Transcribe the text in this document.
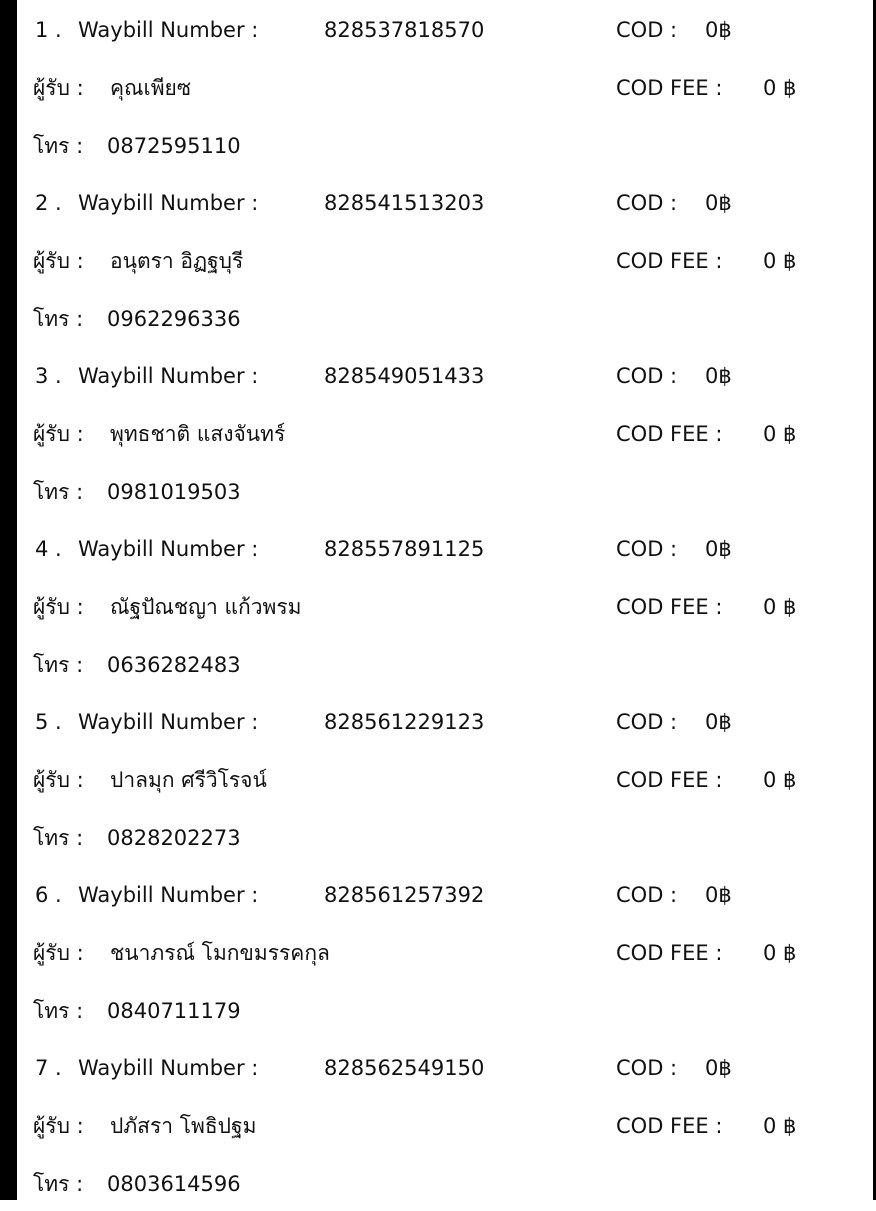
1 . Waybill Number :	828537818570	COD : 0฿
ผู้รับ : คุณเพียซ	COD FEE : 0 ฿
โทร : 0872595110
2 . Waybill Number :	828541513203	COD : 0฿
ผู้รับ : อนุตรา อิฏฐบุรี	COD FEE : 0 ฿
โทร : 0962296336
3 . Waybill Number :	828549051433	COD : 0฿
ผู้รับ : พุทธชาติ แสงจันทร์	COD FEE : 0 ฿
โทร : 0981019503
4 . Waybill Number :	828557891125	COD : 0฿
ผู้รับ : ณัฐปัณชญา แก้วพรม	COD FEE : 0 ฿
โทร : 0636282483
5 . Waybill Number :	828561229123	COD : 0฿
ผู้รับ : ปาลมุก ศรีวิโรจน์	COD FEE : 0 ฿
โทร : 0828202273
6 . Waybill Number :	828561257392	COD : 0฿
ผู้รับ : ชนาภรณ์ โมกขมรรคกุล	COD FEE : 0 ฿
โทร : 0840711179
7 . Waybill Number :	828562549150	COD : 0฿
ผู้รับ : ปภัสรา โพธิปฐม	COD FEE : 0 ฿
โทร : 0803614596
